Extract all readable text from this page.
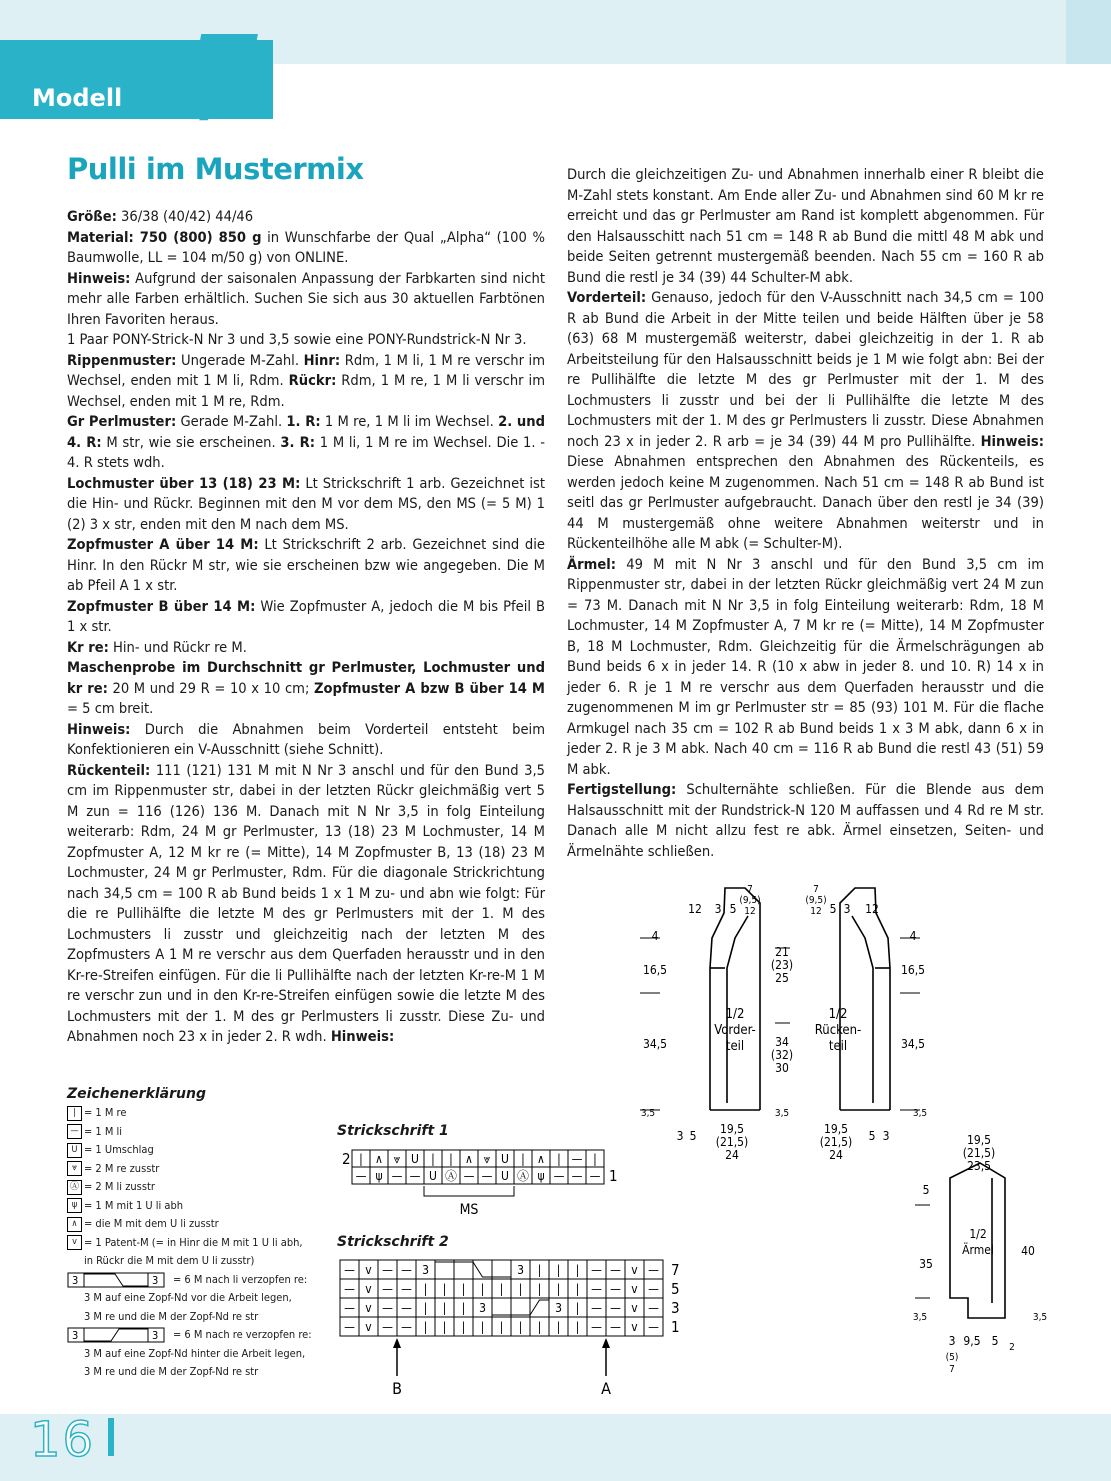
Modell 7
Pulli im Mustermix

Größe: 36/38 (40/42) 44/46

Material: 750 (800) 850 g in Wunschfarbe der Qual „Alpha“ (100 % Baumwolle, LL = 104 m/50 g) von ONLINE.

Hinweis: Aufgrund der saisonalen Anpassung der Farbkarten sind nicht mehr alle Farben erhältlich. Suchen Sie sich aus 30 aktuellen Farbtönen Ihren Favoriten heraus.

1 Paar PONY-Strick-N Nr 3 und 3,5 sowie eine PONY-Rundstrick-N Nr 3.

Rippenmuster: Ungerade M-Zahl. Hinr: Rdm, 1 M li, 1 M re verschr im Wechsel, enden mit 1 M li, Rdm. Rückr: Rdm, 1 M re, 1 M li verschr im Wechsel, enden mit 1 M re, Rdm.

Gr Perlmuster: Gerade M-Zahl. 1. R: 1 M re, 1 M li im Wechsel. 2. und 4. R: M str, wie sie erscheinen. 3. R: 1 M li, 1 M re im Wechsel. Die 1. - 4. R stets wdh.

Lochmuster über 13 (18) 23 M: Lt Strickschrift 1 arb. Gezeichnet ist die Hin- und Rückr. Beginnen mit den M vor dem MS, den MS (= 5 M) 1 (2) 3 x str, enden mit den M nach dem MS.

Zopfmuster A über 14 M: Lt Strickschrift 2 arb. Gezeichnet sind die Hinr. In den Rückr M str, wie sie erscheinen bzw wie angegeben. Die M ab Pfeil A 1 x str.

Zopfmuster B über 14 M: Wie Zopfmuster A, jedoch die M bis Pfeil B 1 x str.

Kr re: Hin- und Rückr re M.

Maschenprobe im Durchschnitt gr Perlmuster, Lochmuster und kr re: 20 M und 29 R = 10 x 10 cm; Zopfmuster A bzw B über 14 M = 5 cm breit.

Hinweis: Durch die Abnahmen beim Vorderteil entsteht beim Konfektionieren ein V-Ausschnitt (siehe Schnitt).

Rückenteil: 111 (121) 131 M mit N Nr 3 anschl und für den Bund 3,5 cm im Rippenmuster str, dabei in der letzten Rückr gleichmäßig vert 5 M zun = 116 (126) 136 M. Danach mit N Nr 3,5 in folg Einteilung weiterarb: Rdm, 24 M gr Perlmuster, 13 (18) 23 M Lochmuster, 14 M Zopfmuster A, 12 M kr re (= Mitte), 14 M Zopfmuster B, 13 (18) 23 M Lochmuster, 24 M gr Perlmuster, Rdm. Für die diagonale Strickrichtung nach 34,5 cm = 100 R ab Bund beids 1 x 1 M zu- und abn wie folgt: Für die re Pullihälfte die letzte M des gr Perlmusters mit der 1. M des Lochmusters li zusstr und gleichzeitig nach der letzten M des Zopfmusters A 1 M re verschr aus dem Querfaden herausstr und in den Kr-re-Streifen einfügen. Für die li Pullihälfte nach der letzten Kr-re-M 1 M re verschr zun und in den Kr-re-Streifen einfügen sowie die letzte M des Lochmusters mit der 1. M des gr Perlmusters li zusstr. Diese Zu- und Abnahmen noch 23 x in jeder 2. R wdh. Hinweis:

Durch die gleichzeitigen Zu- und Abnahmen innerhalb einer R bleibt die M-Zahl stets konstant. Am Ende aller Zu- und Abnahmen sind 60 M kr re erreicht und das gr Perlmuster am Rand ist komplett abgenommen. Für den Halsausschitt nach 51 cm = 148 R ab Bund die mittl 48 M abk und beide Seiten getrennt mustergemäß beenden. Nach 55 cm = 160 R ab Bund die restl je 34 (39) 44 Schulter-M abk.

Vorderteil: Genauso, jedoch für den V-Ausschnitt nach 34,5 cm = 100 R ab Bund die Arbeit in der Mitte teilen und beide Hälften über je 58 (63) 68 M mustergemäß weiterstr, dabei gleichzeitig in der 1. R ab Arbeitsteilung für den Halsausschnitt beids je 1 M wie folgt abn: Bei der re Pullihälfte die letzte M des gr Perlmuster mit der 1. M des Lochmusters li zusstr und bei der li Pullihälfte die letzte M des Lochmusters mit der 1. M des gr Perlmusters li zusstr. Diese Abnahmen noch 23 x in jeder 2. R arb = je 34 (39) 44 M pro Pullihälfte. Hinweis: Diese Abnahmen entsprechen den Abnahmen des Rückenteils, es werden jedoch keine M zugenommen. Nach 51 cm = 148 R ab Bund ist seitl das gr Perlmuster aufgebraucht. Danach über den restl je 34 (39) 44 M mustergemäß ohne weitere Abnahmen weiterstr und in Rückenteilhöhe alle M abk (= Schulter-M).

Ärmel: 49 M mit N Nr 3 anschl und für den Bund 3,5 cm im Rippenmuster str, dabei in der letzten Rückr gleichmäßig vert 24 M zun = 73 M. Danach mit N Nr 3,5 in folg Einteilung weiterarb: Rdm, 18 M Lochmuster, 14 M Zopfmuster A, 7 M kr re (= Mitte), 14 M Zopfmuster B, 18 M Lochmuster, Rdm. Gleichzeitig für die Ärmelschrägungen ab Bund beids 6 x in jeder 14. R (10 x abw in jeder 8. und 10. R) 14 x in jeder 6. R je 1 M re verschr aus dem Querfaden herausstr und die zugenommenen M im gr Perlmuster str = 85 (93) 101 M. Für die flache Armkugel nach 35 cm = 102 R ab Bund beids 1 x 3 M abk, dann 6 x in jeder 2. R je 3 M abk. Nach 40 cm = 116 R ab Bund die restl 43 (51) 59 M abk.

Fertigstellung: Schulternähte schließen. Für die Blende aus dem Halsausschnitt mit der Rundstrick-N 120 M auffassen und 4 Rd re M str. Danach alle M nicht allzu fest re abk. Ärmel einsetzen, Seiten- und Ärmelnähte schließen.

Zeichenerklärung
| = 1 M re
— = 1 M li
U = 1 Umschlag
⩔ = 2 M re zusstr
Ⓐ = 2 M li zusstr
ψ = 1 M mit 1 U li abh
∧ = die M mit dem U li zusstr
v = 1 Patent-M (= in Hinr die M mit 1 U li abh,
in Rückr die M mit dem U li zusstr)
3	3 = 6 M nach li verzopfen re:
3 M auf eine Zopf-Nd vor die Arbeit legen,
3 M re und die M der Zopf-Nd re str
3	3 = 6 M nach re verzopfen re:
3 M auf eine Zopf-Nd hinter die Arbeit legen,
3 M re und die M der Zopf-Nd re str
Strickschrift 1
| ∧ ⩔ U | | ∧ ⩔ U | ∧ | — |
— ψ — — U Ⓐ — — U Ⓐ ψ — — —
2
1
MS
Strickschrift 2
— v — — 3	3 | | | — — v — 7
— v — — | | | | | | | | | — — v — 5
— v — — | | | 3	3 | — — v — 3
— v — — | | | | | | | | | — — v — 1
B	A
1/2
Vorder-
teil
1/2
Rücken-
teil
1/2
Ärmel
12 3 5
7
(9,5)
12
7
(9,5)
12 5 3 12
21
(23)
25
34
(32)
30
4
16,5
34,5
3,5
4
16,5
34,5
3,5
3,5
3 5 19,5
(21,5)
24
19,5
(21,5)
24
5 3	19,5
(21,5)
23,5
5
35
3,5
40
3,5
3 9,5 5 2
(5)
7
16
